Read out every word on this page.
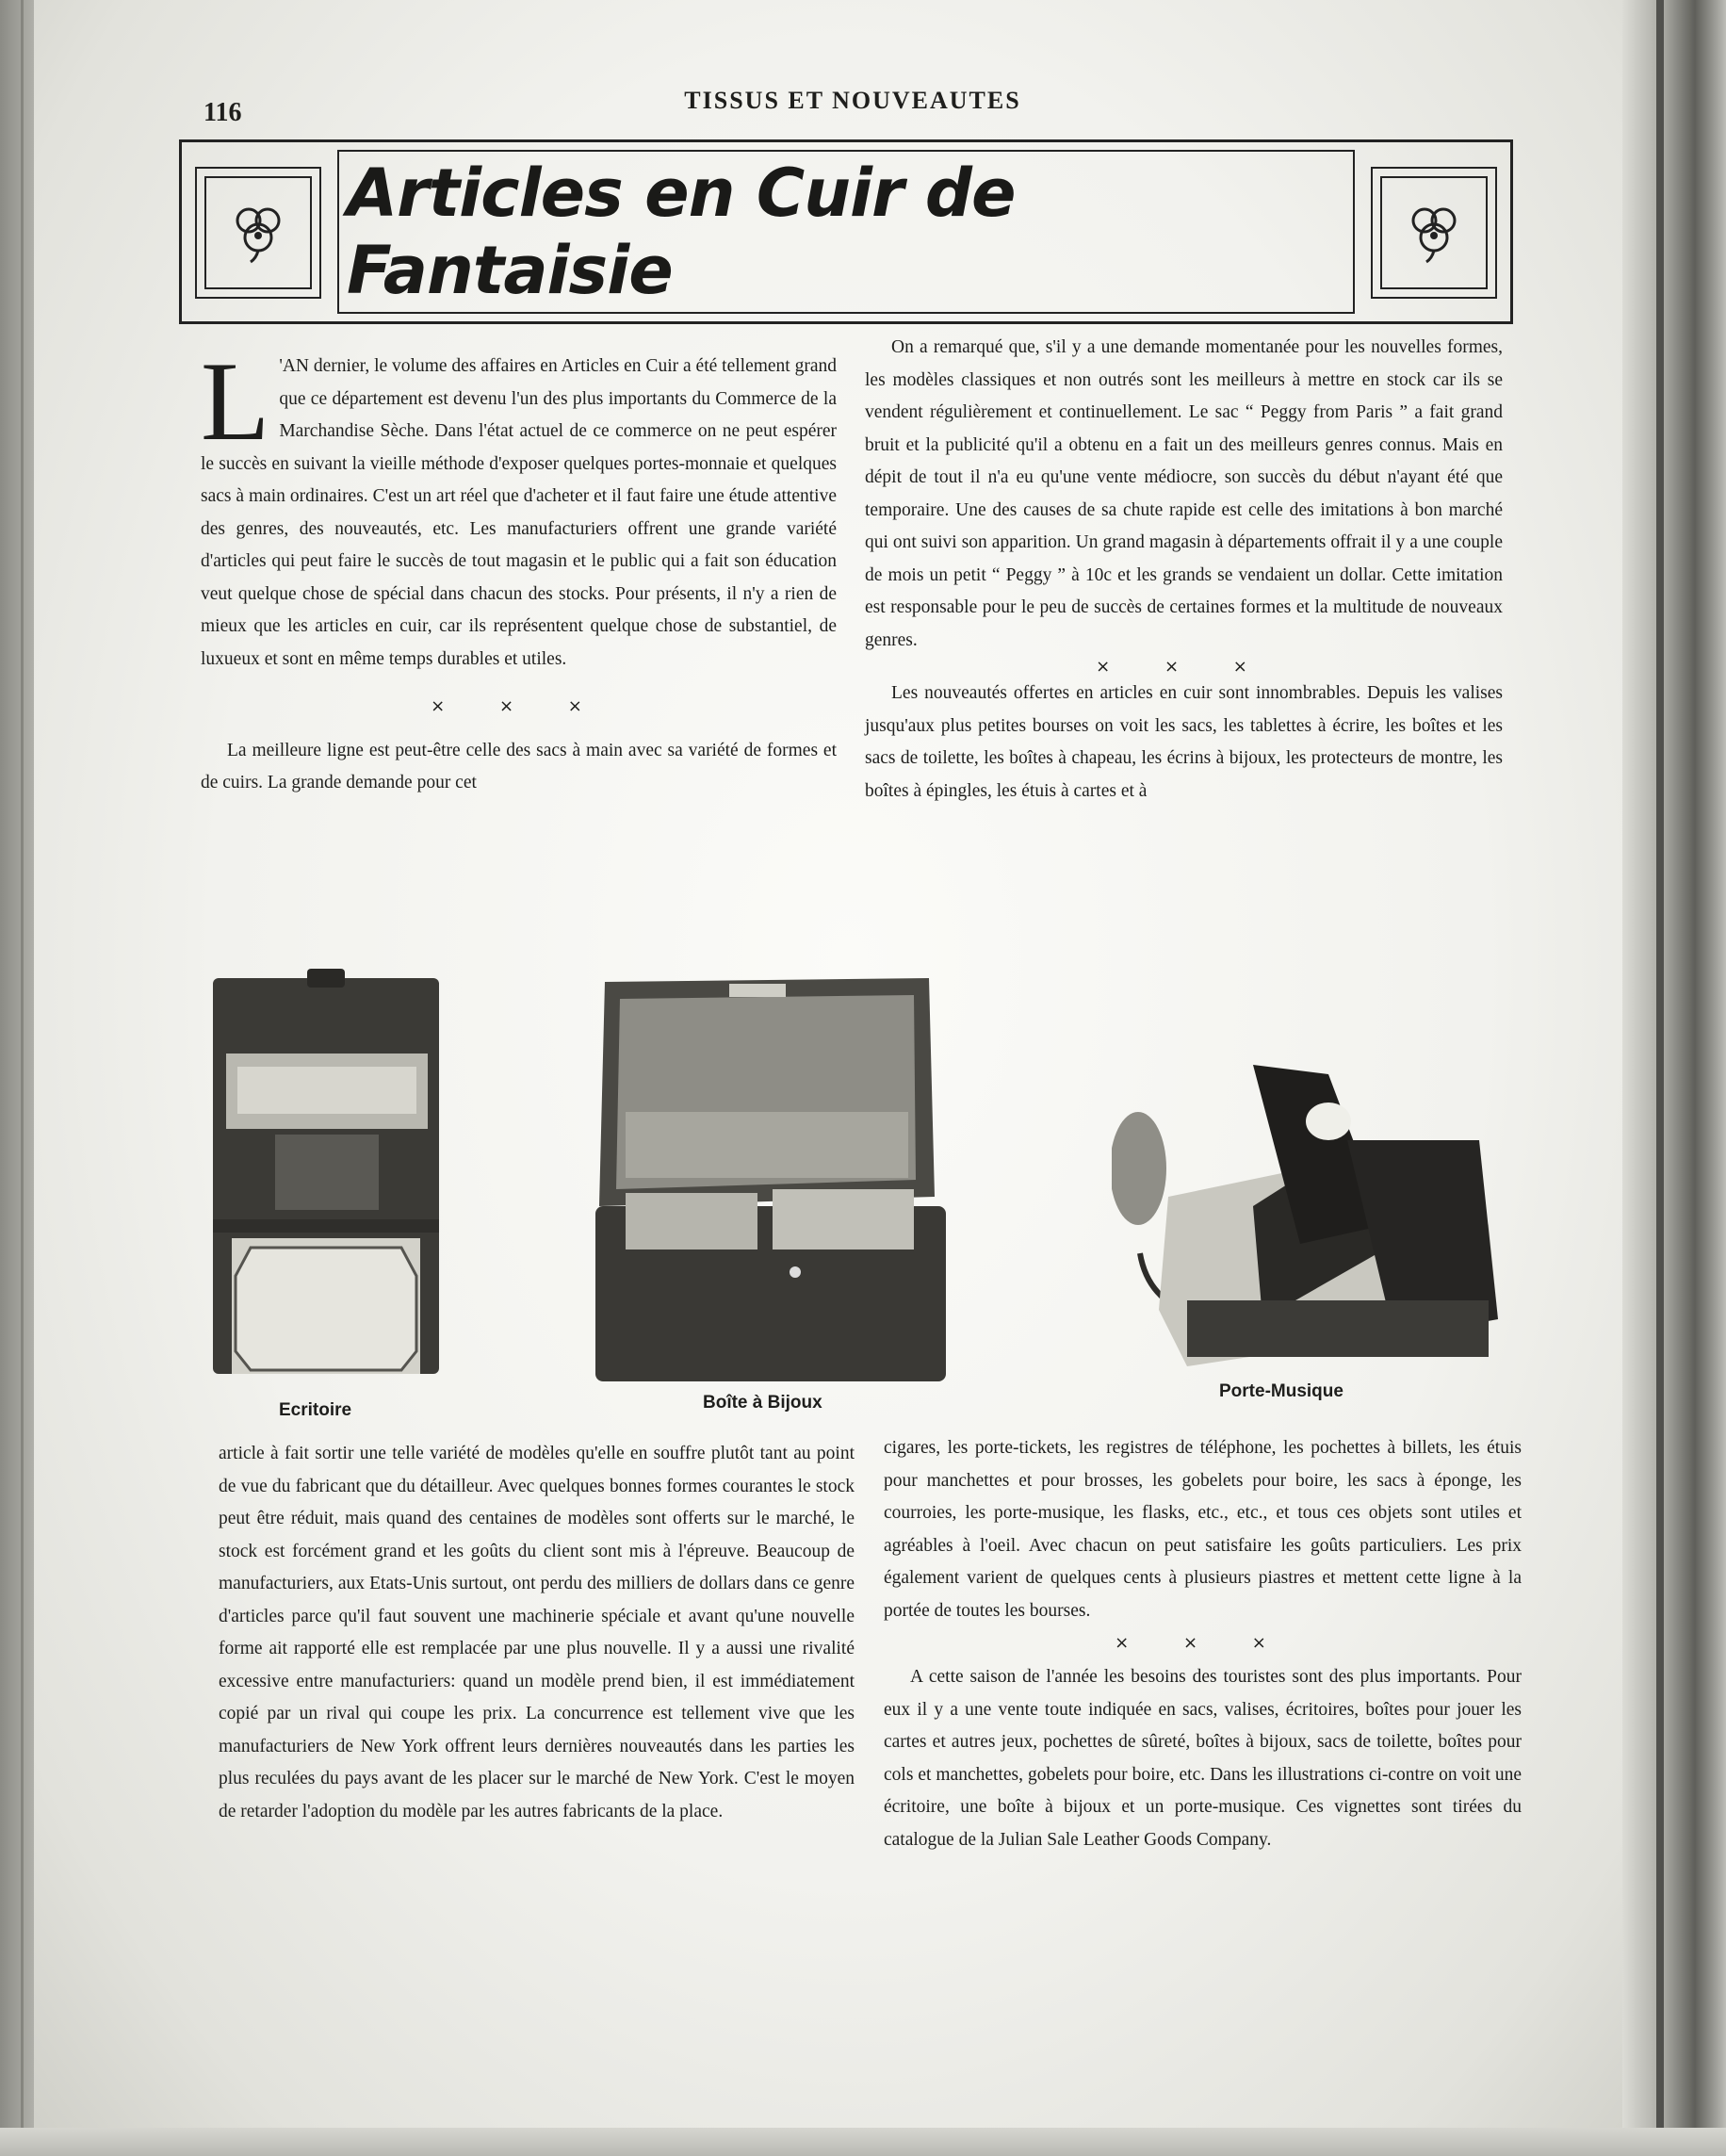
116	TISSUS ET NOUVEAUTES
Articles en Cuir de Fantaisie
L 'AN dernier, le volume des affaires en Articles en Cuir a été tellement grand que ce département est devenu l'un des plus importants du Commerce de la Marchandise Sèche. Dans l'état actuel de ce commerce on ne peut espérer le succès en suivant la vieille méthode d'exposer quelques portes-monnaie et quelques sacs à main ordinaires. C'est un art réel que d'acheter et il faut faire une étude attentive des genres, des nouveautés, etc. Les manufacturiers offrent une grande variété d'articles qui peut faire le succès de tout magasin et le public qui a fait son éducation veut quelque chose de spécial dans chacun des stocks. Pour présents, il n'y a rien de mieux que les articles en cuir, car ils représentent quelque chose de substantiel, de luxueux et sont en même temps durables et utiles.

× × ×

La meilleure ligne est peut-être celle des sacs à main avec sa variété de formes et de cuirs. La grande demande pour cet

On a remarqué que, s'il y a une demande momentanée pour les nouvelles formes, les modèles classiques et non outrés sont les meilleurs à mettre en stock car ils se vendent régulièrement et continuellement. Le sac “ Peggy from Paris ” a fait grand bruit et la publicité qu'il a obtenu en a fait un des meilleurs genres connus. Mais en dépit de tout il n'a eu qu'une vente médiocre, son succès du début n'ayant été que temporaire. Une des causes de sa chute rapide est celle des imitations à bon marché qui ont suivi son apparition. Un grand magasin à départements offrait il y a une couple de mois un petit “ Peggy ” à 10c et les grands se vendaient un dollar. Cette imitation est responsable pour le peu de succès de certaines formes et la multitude de nouveaux genres.

× × ×

Les nouveautés offertes en articles en cuir sont innombrables. Depuis les valises jusqu'aux plus petites bourses on voit les sacs, les tablettes à écrire, les boîtes et les sacs de toilette, les boîtes à chapeau, les écrins à bijoux, les protecteurs de montre, les boîtes à épingles, les étuis à cartes et à

Ecritoire	Boîte à Bijoux
Porte-Musique

article à fait sortir une telle variété de modèles qu'elle en souffre plutôt tant au point de vue du fabricant que du détailleur. Avec quelques bonnes formes courantes le stock peut être réduit, mais quand des centaines de modèles sont offerts sur le marché, le stock est forcément grand et les goûts du client sont mis à l'épreuve. Beaucoup de manufacturiers, aux Etats-Unis surtout, ont perdu des milliers de dollars dans ce genre d'articles parce qu'il faut souvent une machinerie spéciale et avant qu'une nouvelle forme ait rapporté elle est remplacée par une plus nouvelle. Il y a aussi une rivalité excessive entre manufacturiers: quand un modèle prend bien, il est immédiatement copié par un rival qui coupe les prix. La concurrence est tellement vive que les manufacturiers de New York offrent leurs dernières nouveautés dans les parties les plus reculées du pays avant de les placer sur le marché de New York. C'est le moyen de retarder l'adoption du modèle par les autres fabricants de la place.

cigares, les porte-tickets, les registres de téléphone, les pochettes à billets, les étuis pour manchettes et pour brosses, les gobelets pour boire, les sacs à éponge, les courroies, les porte-musique, les flasks, etc., etc., et tous ces objets sont utiles et agréables à l'oeil. Avec chacun on peut satisfaire les goûts particuliers. Les prix également varient de quelques cents à plusieurs piastres et mettent cette ligne à la portée de toutes les bourses.

× × ×

A cette saison de l'année les besoins des touristes sont des plus importants. Pour eux il y a une vente toute indiquée en sacs, valises, écritoires, boîtes pour jouer les cartes et autres jeux, pochettes de sûreté, boîtes à bijoux, sacs de toilette, boîtes pour cols et manchettes, gobelets pour boire, etc. Dans les illustrations ci-contre on voit une écritoire, une boîte à bijoux et un porte-musique. Ces vignettes sont tirées du catalogue de la Julian Sale Leather Goods Company.
